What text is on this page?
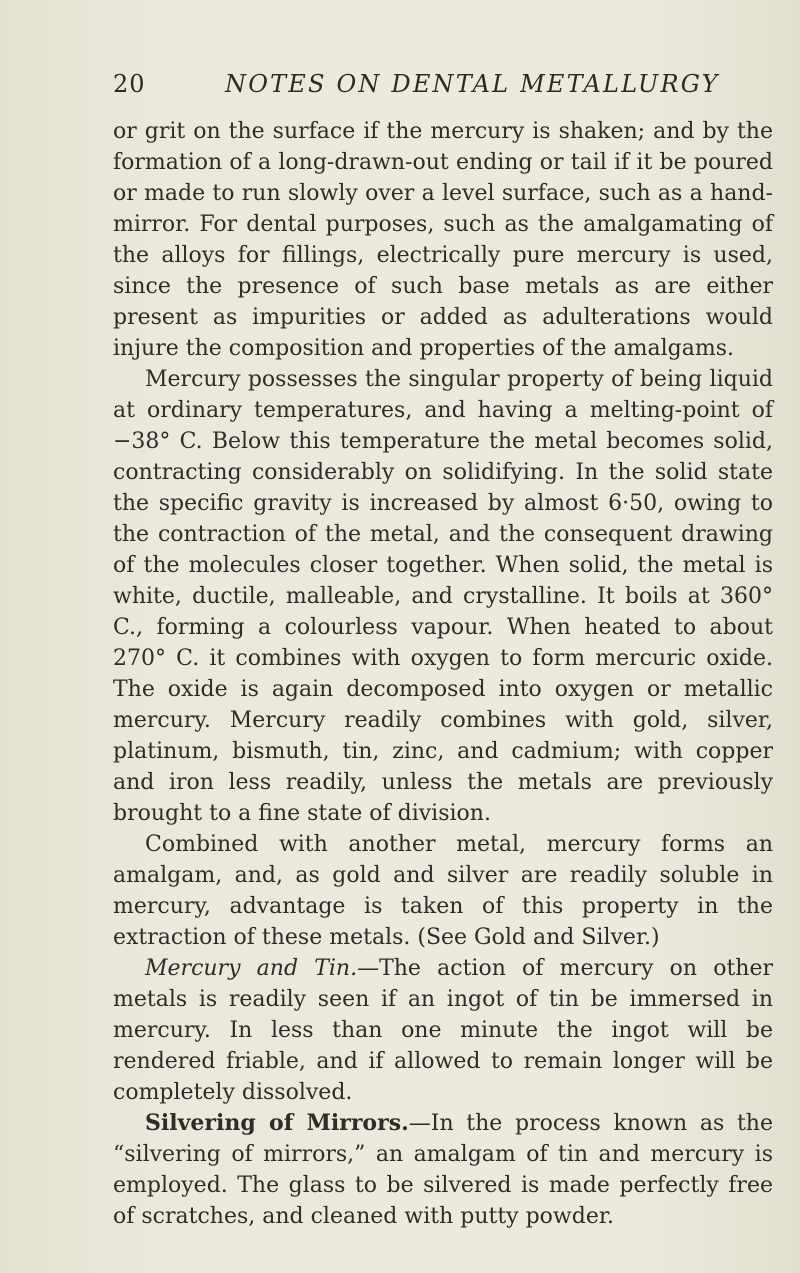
20	NOTES ON DENTAL METALLURGY

or grit on the surface if the mercury is shaken; and by the formation of a long-drawn-out ending or tail if it be poured or made to run slowly over a level surface, such as a hand-mirror. For dental purposes, such as the amalgamating of the alloys for fillings, electrically pure mercury is used, since the presence of such base metals as are either present as impurities or added as adulterations would injure the composition and properties of the amalgams.

Mercury possesses the singular property of being liquid at ordinary temperatures, and having a melting-point of −38° C. Below this temperature the metal becomes solid, contracting considerably on solidifying. In the solid state the specific gravity is increased by almost 6·50, owing to the contraction of the metal, and the consequent drawing of the molecules closer together. When solid, the metal is white, ductile, malleable, and crystalline. It boils at 360° C., forming a colourless vapour. When heated to about 270° C. it combines with oxygen to form mercuric oxide. The oxide is again decomposed into oxygen or metallic mercury. Mercury readily combines with gold, silver, platinum, bismuth, tin, zinc, and cadmium; with copper and iron less readily, unless the metals are previously brought to a fine state of division.

Combined with another metal, mercury forms an amalgam, and, as gold and silver are readily soluble in mercury, advantage is taken of this property in the extraction of these metals. (See Gold and Silver.)

Mercury and Tin.—The action of mercury on other metals is readily seen if an ingot of tin be immersed in mercury. In less than one minute the ingot will be rendered friable, and if allowed to remain longer will be completely dissolved.

Silvering of Mirrors.—In the process known as the “silvering of mirrors,” an amalgam of tin and mercury is employed. The glass to be silvered is made perfectly free of scratches, and cleaned with putty powder.
